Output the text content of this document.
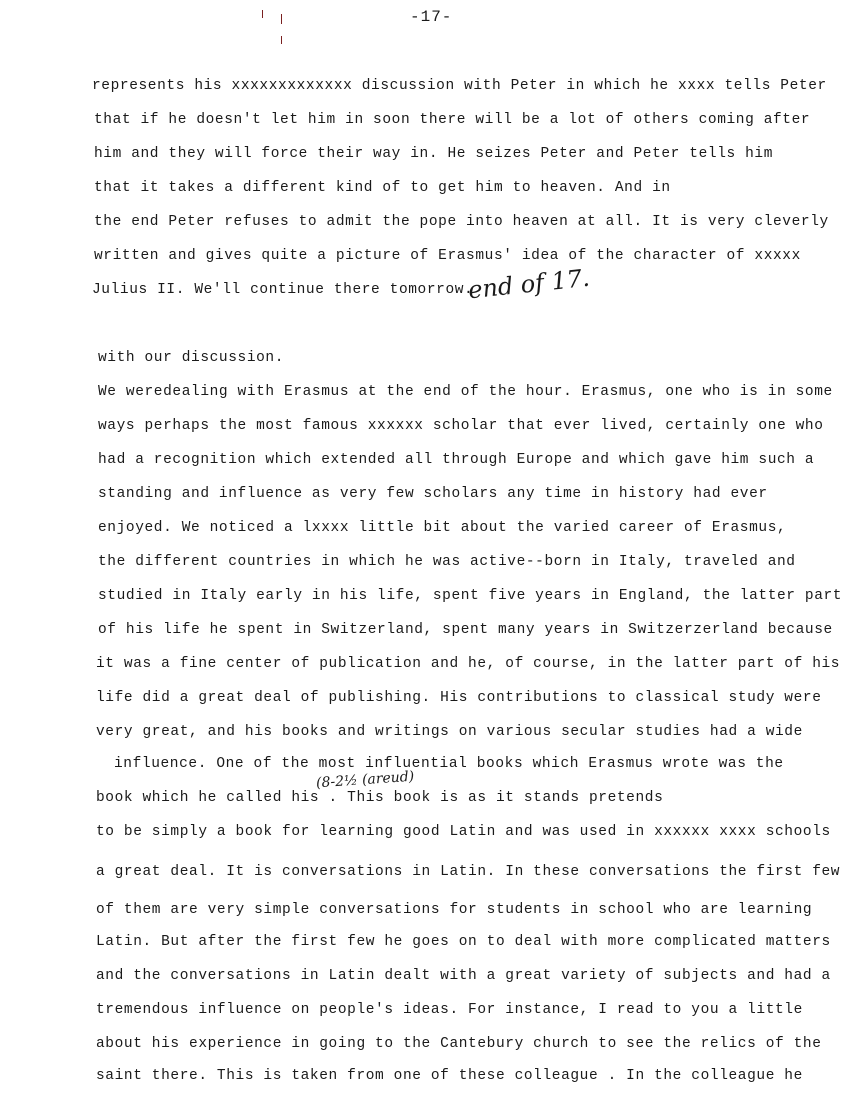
-17-
represents his xxxxxxxxxxxxx discussion with Peter in which he xxxx tells Peter
that if he doesn't let him in soon there will be a lot of others coming after
him and they will force their way in. He seizes Peter and Peter tells him
that it takes a different kind of to get him to heaven. And in
the end Peter refuses to admit the pope into heaven at all. It is very cleverly
written and gives quite a picture of Erasmus' idea of the character of xxxxx
Julius II. We'll continue there tomorrow.
end of 17.
with our discussion.
We weredealing with Erasmus at the end of the hour. Erasmus, one who is in some
ways perhaps the most famous xxxxxx scholar that ever lived, certainly one who
had a recognition which extended all through Europe and which gave him such a
standing and influence as very few scholars any time in history had ever
enjoyed. We noticed a lxxxx little bit about the varied career of Erasmus,
the different countries in which he was active--born in Italy, traveled and
studied in Italy early in his life, spent five years in England, the latter part
of his life he spent in Switzerland, spent many years in Switzerzerland because
it was a fine center of publication and he, of course, in the latter part of his
life did a great deal of publishing. His contributions to classical study were
very great, and his books and writings on various secular studies had a wide
influence. One of the most influential books which Erasmus wrote was the
book which he called his . This book is as it stands pretends
(8-2½ (areud)
to be simply a book for learning good Latin and was used in xxxxxx xxxx schools
a great deal. It is conversations in Latin. In these conversations the first few
of them are very simple conversations for students in school who are learning
Latin. But after the first few he goes on to deal with more complicated matters
and the conversations in Latin dealt with a great variety of subjects and had a
tremendous influence on people's ideas. For instance, I read to you a little
about his experience in going to the Cantebury church to see the relics of the
saint there. This is taken from one of these colleague . In the colleague he
